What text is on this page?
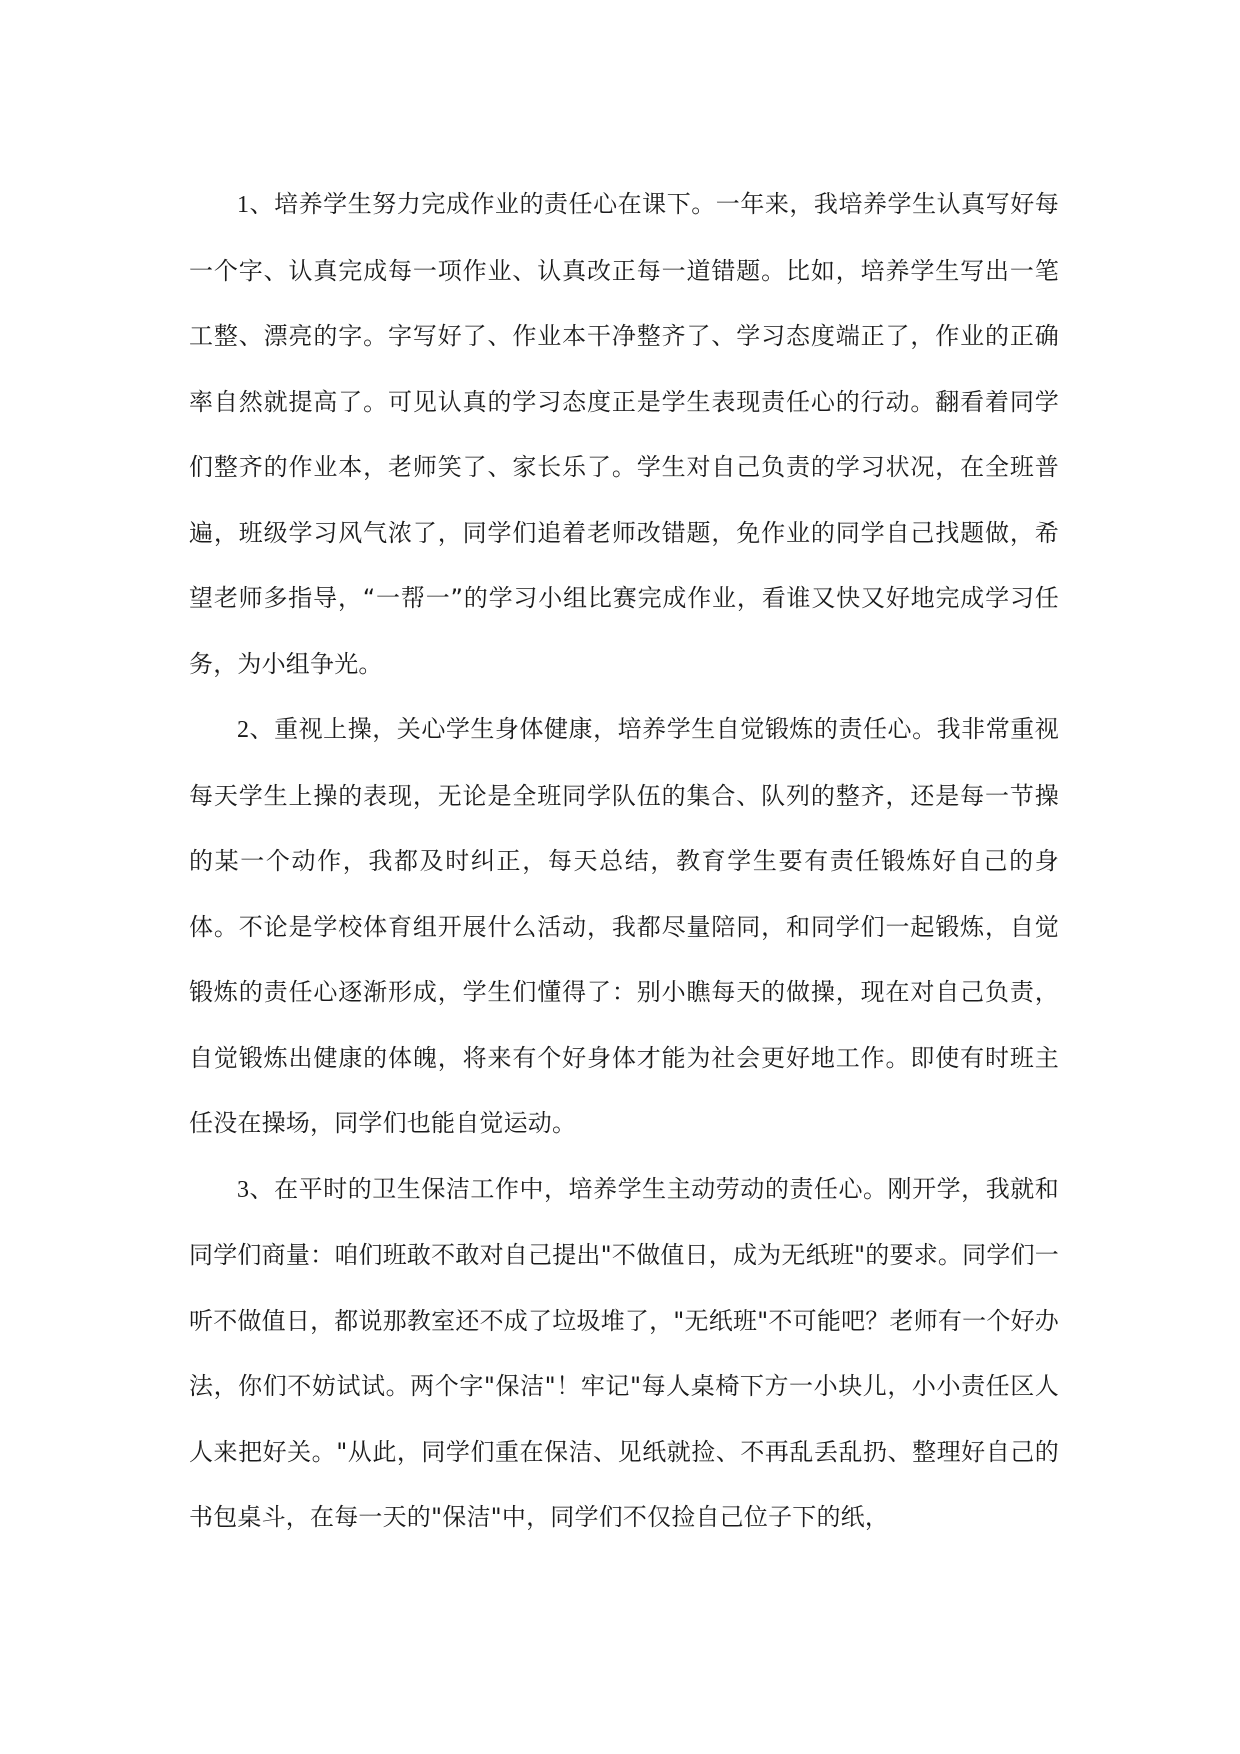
1、培养学生努力完成作业的责任心在课下。一年来，我培养学生认真写好每一个字、认真完成每一项作业、认真改正每一道错题。比如，培养学生写出一笔工整、漂亮的字。字写好了、作业本干净整齐了、学习态度端正了，作业的正确率自然就提高了。可见认真的学习态度正是学生表现责任心的行动。翻看着同学们整齐的作业本，老师笑了、家长乐了。学生对自己负责的学习状况，在全班普遍，班级学习风气浓了，同学们追着老师改错题，免作业的同学自己找题做，希望老师多指导，“一帮一”的学习小组比赛完成作业，看谁又快又好地完成学习任务，为小组争光。

2、重视上操，关心学生身体健康，培养学生自觉锻炼的责任心。我非常重视每天学生上操的表现，无论是全班同学队伍的集合、队列的整齐，还是每一节操的某一个动作，我都及时纠正，每天总结，教育学生要有责任锻炼好自己的身体。不论是学校体育组开展什么活动，我都尽量陪同，和同学们一起锻炼，自觉锻炼的责任心逐渐形成，学生们懂得了：别小瞧每天的做操，现在对自己负责，自觉锻炼出健康的体魄，将来有个好身体才能为社会更好地工作。即使有时班主任没在操场，同学们也能自觉运动。

3、在平时的卫生保洁工作中，培养学生主动劳动的责任心。刚开学，我就和同学们商量：咱们班敢不敢对自己提出"不做值日，成为无纸班"的要求。同学们一听不做值日，都说那教室还不成了垃圾堆了，"无纸班"不可能吧？老师有一个好办法，你们不妨试试。两个字"保洁"！牢记"每人桌椅下方一小块儿，小小责任区人人来把好关。"从此，同学们重在保洁、见纸就捡、不再乱丢乱扔、整理好自己的书包桌斗，在每一天的"保洁"中，同学们不仅捡自己位子下的纸，
